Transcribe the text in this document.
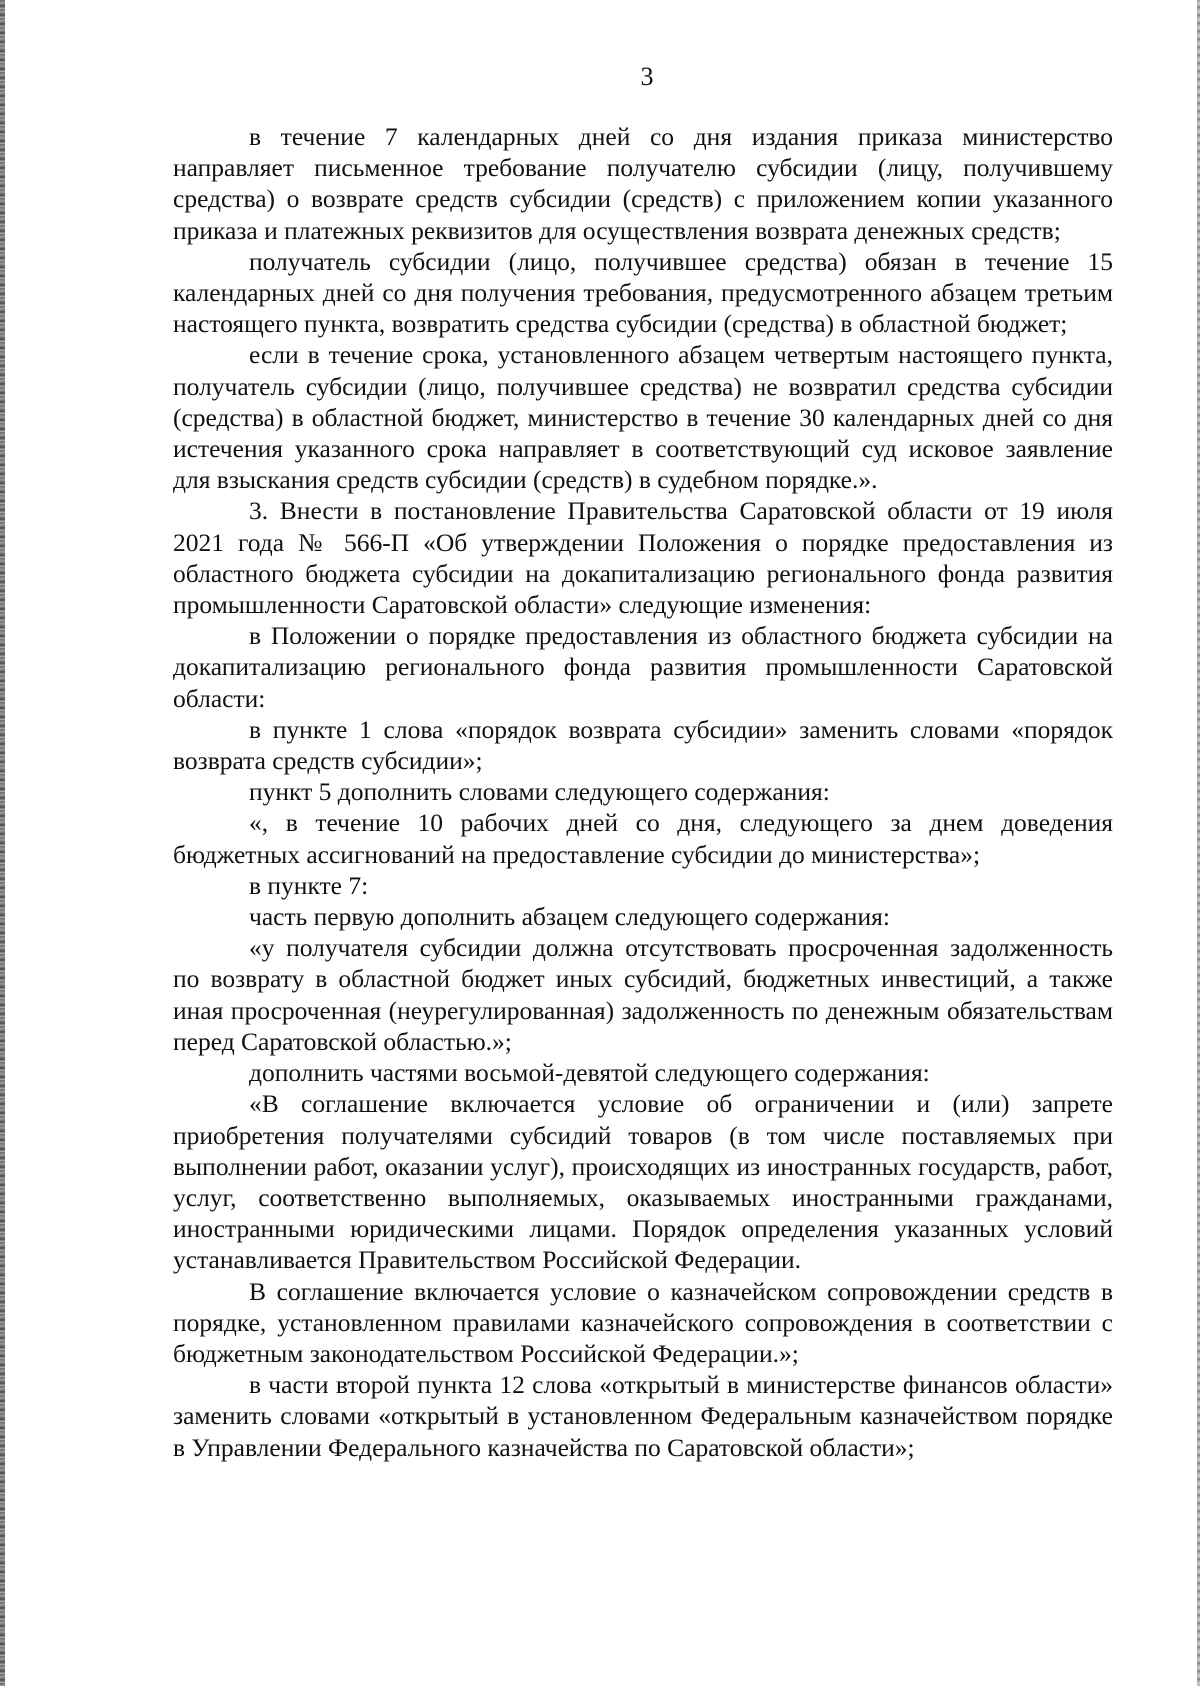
3

в течение 7 календарных дней со дня издания приказа министерство направляет письменное требование получателю субсидии (лицу, получившему средства) о возврате средств субсидии (средств) с приложением копии указанного приказа и платежных реквизитов для осуществления возврата денежных средств;

получатель субсидии (лицо, получившее средства) обязан в течение 15 календарных дней со дня получения требования, предусмотренного абзацем третьим настоящего пункта, возвратить средства субсидии (средства) в областной бюджет;

если в течение срока, установленного абзацем четвертым настоящего пункта, получатель субсидии (лицо, получившее средства) не возвратил средства субсидии (средства) в областной бюджет, министерство в течение 30 календарных дней со дня истечения указанного срока направляет в соответствующий суд исковое заявление для взыскания средств субсидии (средств) в судебном порядке.».

3. Внести в постановление Правительства Саратовской области от 19 июля 2021 года № 566-П «Об утверждении Положения о порядке предоставления из областного бюджета субсидии на докапитализацию регионального фонда развития промышленности Саратовской области» следующие изменения:

в Положении о порядке предоставления из областного бюджета субсидии на докапитализацию регионального фонда развития промышленности Саратовской области:

в пункте 1 слова «порядок возврата субсидии» заменить словами «порядок возврата средств субсидии»;

пункт 5 дополнить словами следующего содержания:

«, в течение 10 рабочих дней со дня, следующего за днем доведения бюджетных ассигнований на предоставление субсидии до министерства»;

в пункте 7:

часть первую дополнить абзацем следующего содержания:

«у получателя субсидии должна отсутствовать просроченная задолженность по возврату в областной бюджет иных субсидий, бюджетных инвестиций, а также иная просроченная (неурегулированная) задолженность по денежным обязательствам перед Саратовской областью.»;

дополнить частями восьмой-девятой следующего содержания:

«В соглашение включается условие об ограничении и (или) запрете приобретения получателями субсидий товаров (в том числе поставляемых при выполнении работ, оказании услуг), происходящих из иностранных государств, работ, услуг, соответственно выполняемых, оказываемых иностранными гражданами, иностранными юридическими лицами. Порядок определения указанных условий устанавливается Правительством Российской Федерации.

В соглашение включается условие о казначейском сопровождении средств в порядке, установленном правилами казначейского сопровождения в соответствии с бюджетным законодательством Российской Федерации.»;

в части второй пункта 12 слова «открытый в министерстве финансов области» заменить словами «открытый в установленном Федеральным казначейством порядке в Управлении Федерального казначейства по Саратовской области»;
